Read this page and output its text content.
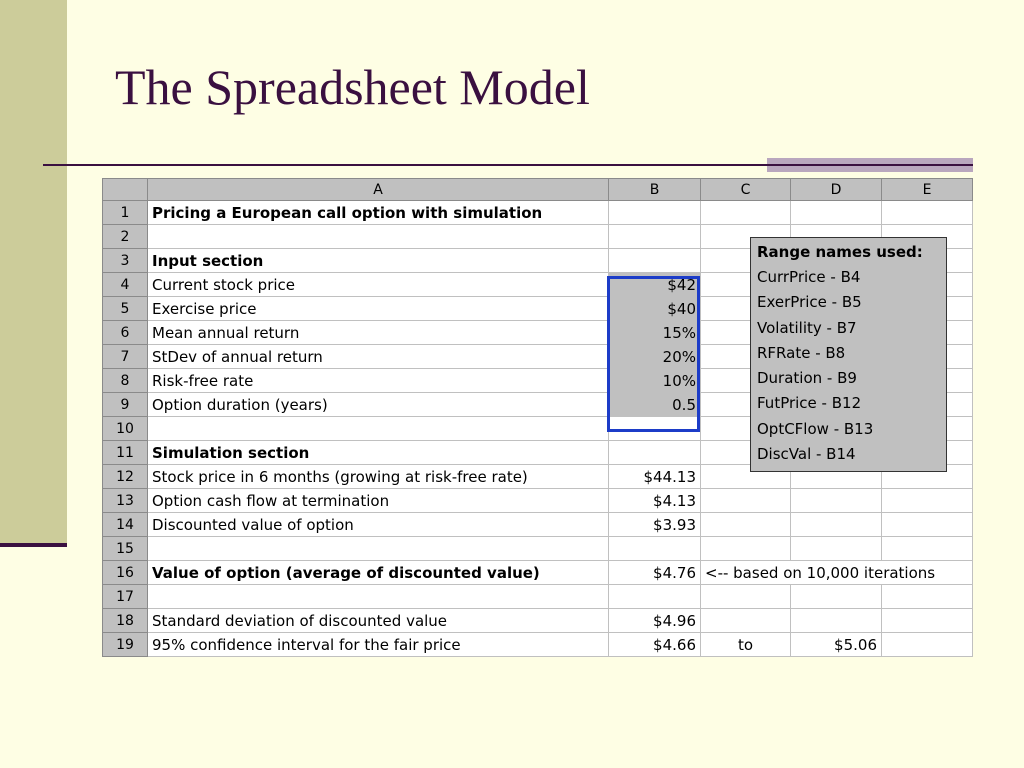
The Spreadsheet Model
	A	B	C	D	E
1	Pricing a European call option with simulation				
2					
3	Input section				
4	Current stock price	$42			
5	Exercise price	$40			
6	Mean annual return	15%			
7	StDev of annual return	20%			
8	Risk-free rate	10%			
9	Option duration (years)	0.5			
10					
11	Simulation section				
12	Stock price in 6 months (growing at risk-free rate)	$44.13			
13	Option cash flow at termination	$4.13			
14	Discounted value of option	$3.93			
15					
16	Value of option (average of discounted value)	$4.76	<-- based on 10,000 iterations		
17					
18	Standard deviation of discounted value	$4.96			
19	95% confidence interval for the fair price	$4.66	to	$5.06	
Range names used:
CurrPrice - B4
ExerPrice - B5
Volatility - B7
RFRate - B8
Duration - B9
FutPrice - B12
OptCFlow - B13
DiscVal - B14
